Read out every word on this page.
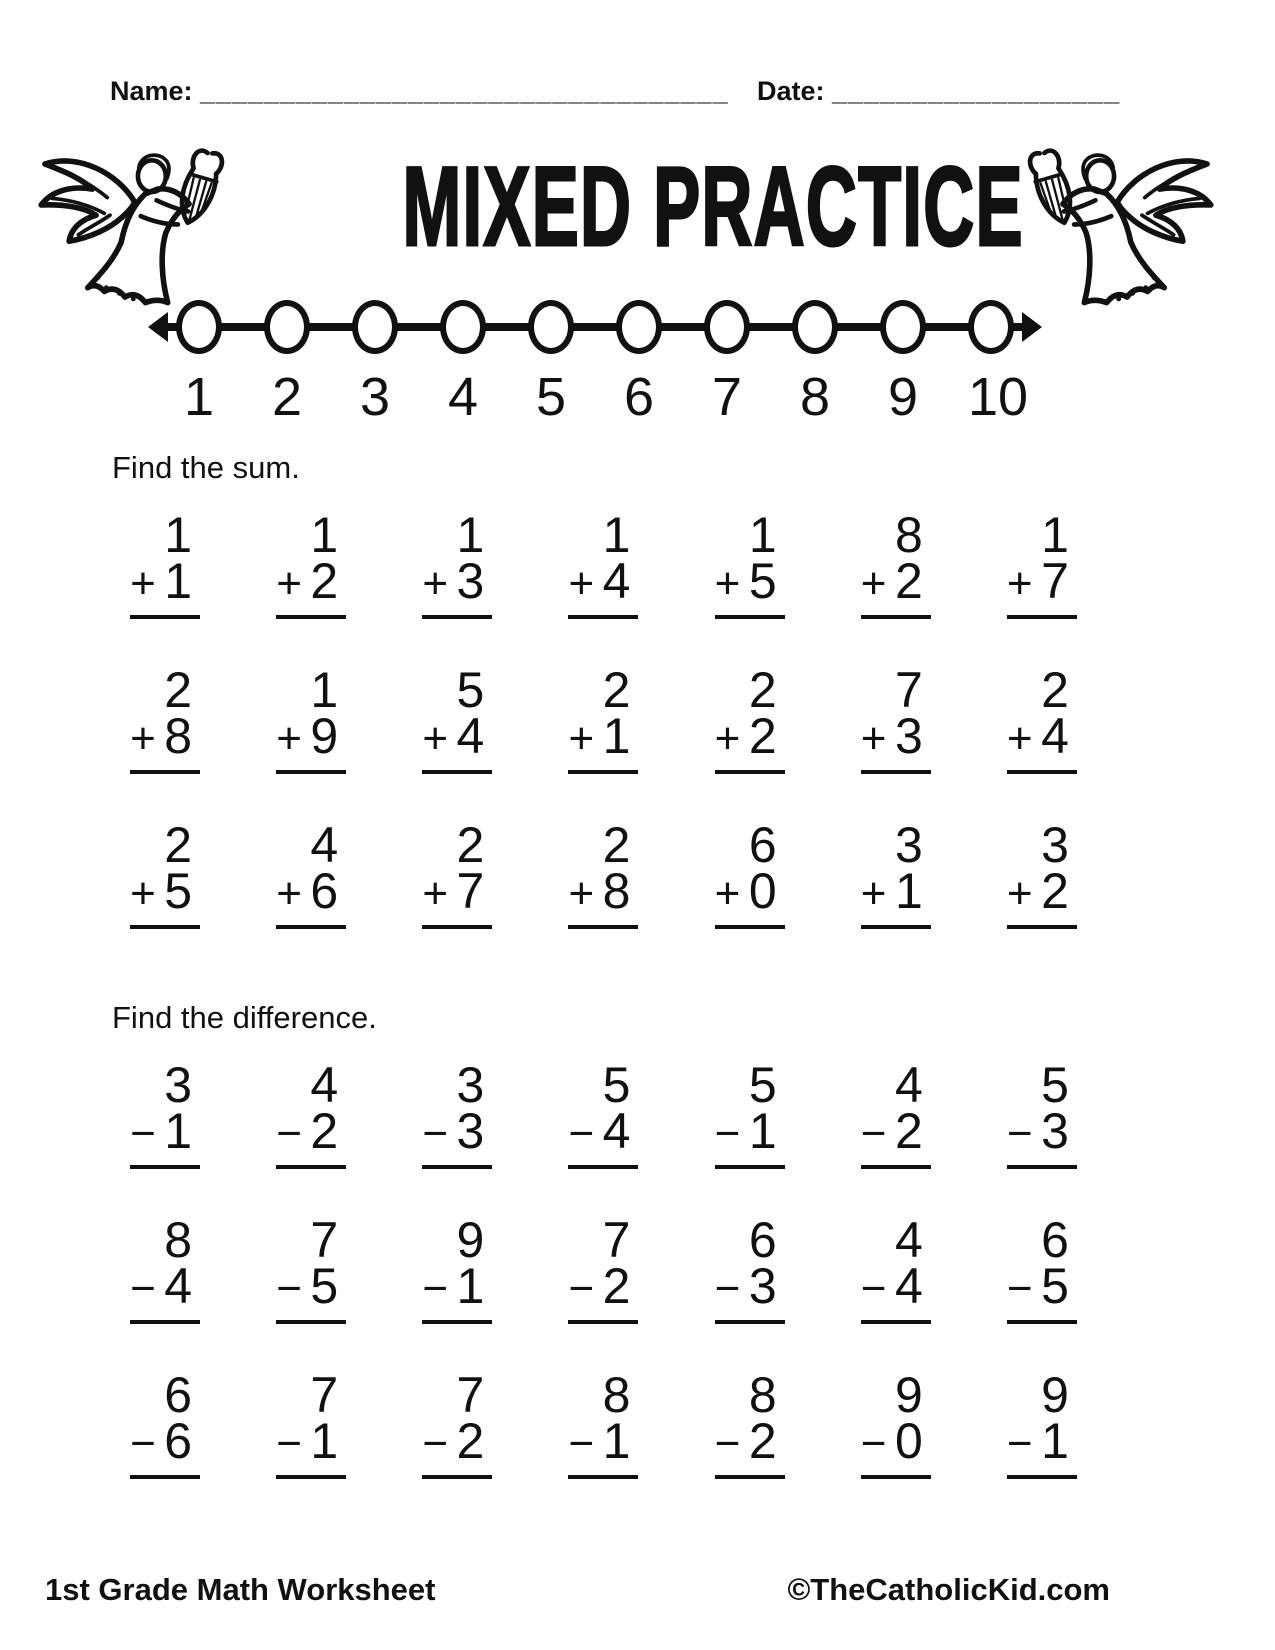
Name: _________________________________ Date: __________________
MIXED PRACTICE
1 2 3 4 5 6 7 8 9 10
Find the sum.
1
+ 1
1
+ 2
1
+ 3
1
+ 4
1
+ 5
8
+ 2
1
+ 7
2
+ 8
1
+ 9
5
+ 4
2
+ 1
2
+ 2
7
+ 3
2
+ 4
2
+ 5
4
+ 6
2
+ 7
2
+ 8
6
+ 0
3
+ 1
3
+ 2
Find the difference.
3
− 1
4
− 2
3
− 3
5
− 4
5
− 1
4
− 2
5
− 3
8
− 4
7
− 5
9
− 1
7
− 2
6
− 3
4
− 4
6
− 5
6
− 6
7
− 1
7
− 2
8
− 1
8
− 2
9
− 0
9
− 1
1st Grade Math Worksheet	©TheCatholicKid.com
